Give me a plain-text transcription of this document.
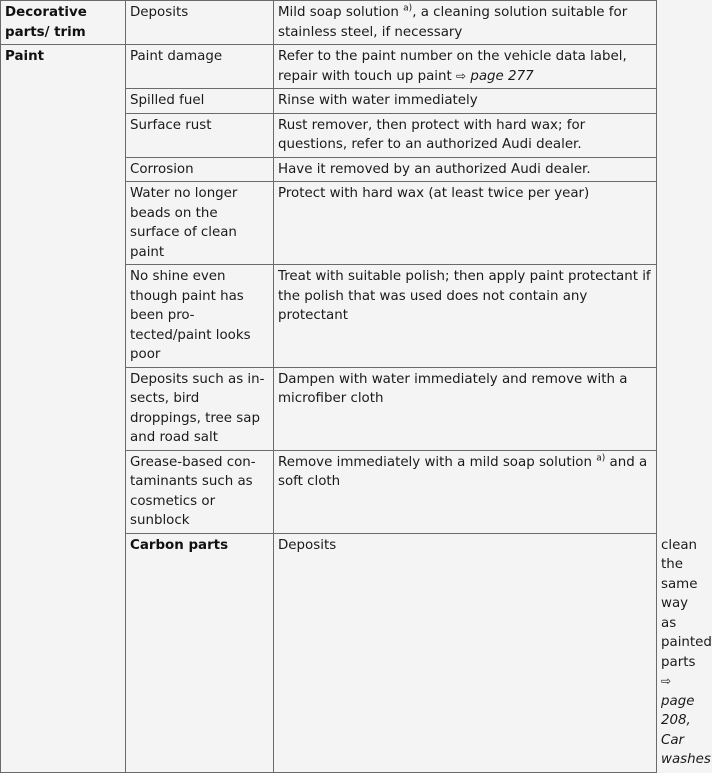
Decorative parts/ trim	Deposits	Mild soap solution $^{a)}$, a cleaning solution suitable for stainless steel, if necessary	
Paint	Paint damage	Refer to the paint number on the vehicle data label, repair with touch up paint ⇨ page 277	
	Spilled fuel	Rinse with water immediately	
	Surface rust	Rust remover, then protect with hard wax; for questions, refer to an authorized Audi dealer.	
	Corrosion	Have it removed by an authorized Audi dealer.	
	Water no longer beads on the surface of clean paint	Protect with hard wax (at least twice per year)	
	No shine even though paint has been protected/paint looks poor	Treat with suitable polish; then apply paint protectant if the polish that was used does not contain any protectant	
	Deposits such as insects, bird droppings, tree sap and road salt	Dampen with water immediately and remove with a microfiber cloth	
	Grease-based contaminants such as cosmetics or sunblock	Remove immediately with a mild soap solution $^{a)}$ and a soft cloth	
	Carbon parts	Deposits	clean the same way as painted parts ⇨ page 208, Car washes
